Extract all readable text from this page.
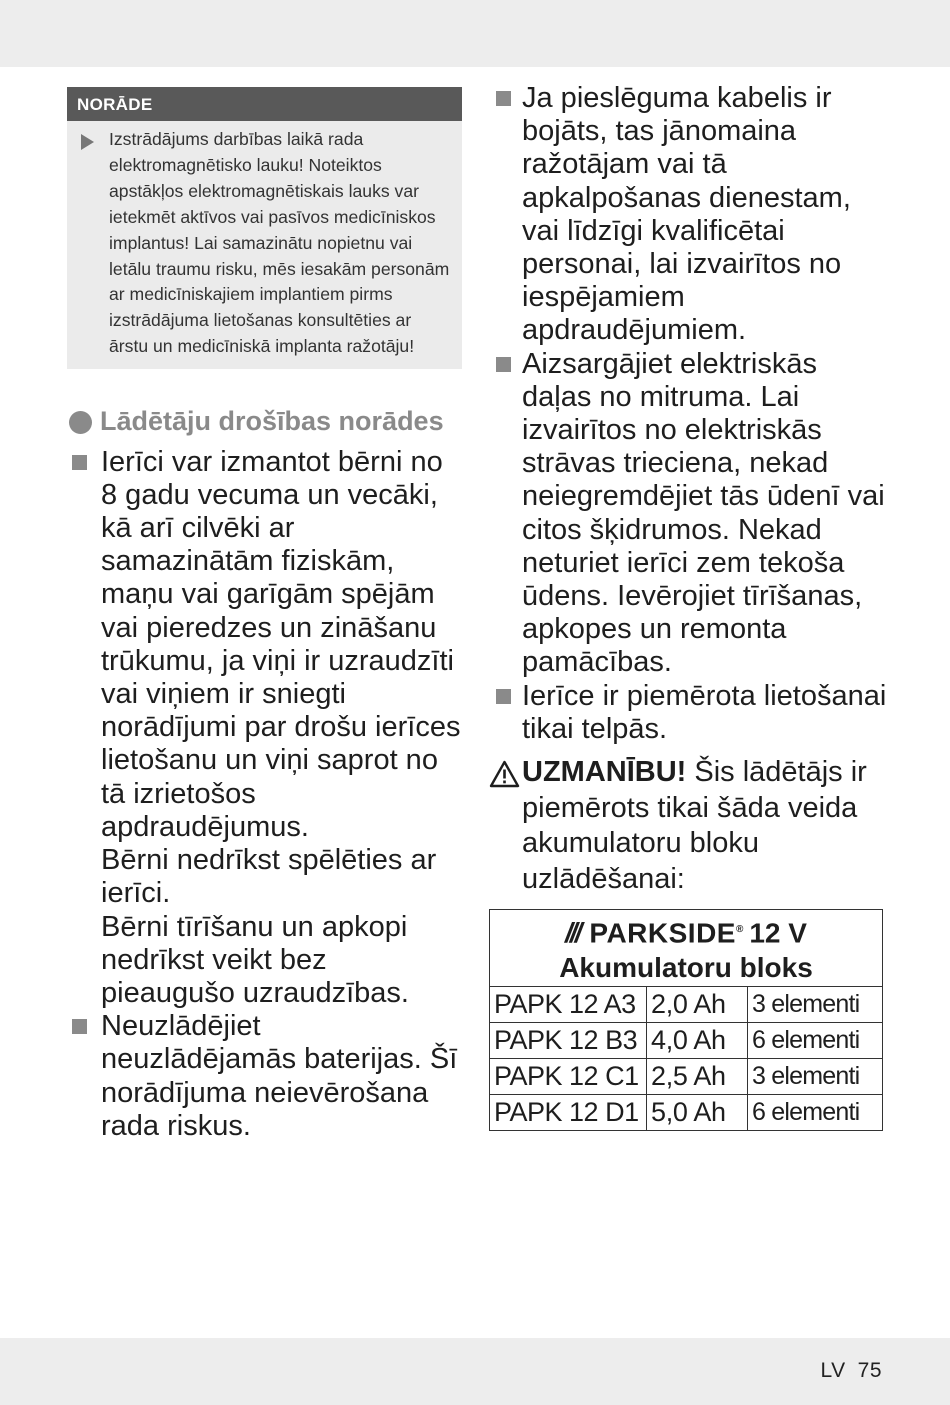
NORĀDE
Izstrādājums darbības laikā rada elektromagnētisko lauku! Noteiktos apstākļos elektromagnētiskais lauks var ietekmēt aktīvos vai pasīvos medicīniskos implantus! Lai samazinātu nopietnu vai letālu traumu risku, mēs iesakām personām ar medicīniskajiem implantiem pirms izstrādājuma lietošanas konsultēties ar ārstu un medicīniskā implanta ražotāju!
Lādētāju drošības norādes
Ierīci var izmantot bērni no 8 gadu vecuma un vecāki, kā arī cilvēki ar samazinātām fiziskām, maņu vai garīgām spējām vai pieredzes un zināšanu trūkumu, ja viņi ir uzraudzīti vai viņiem ir sniegti norādījumi par drošu ierīces lietošanu un viņi saprot no tā izrietošos apdraudējumus.
Bērni nedrīkst spēlēties ar ierīci.
Bērni tīrīšanu un apkopi nedrīkst veikt bez pieaugušo uzraudzības.
Neuzlādējiet neuzlādējamās baterijas. Šī norādījuma neievērošana rada riskus.
Ja pieslēguma kabelis ir bojāts, tas jānomaina ražotājam vai tā apkalpošanas dienestam, vai līdzīgi kvalificētai personai, lai izvairītos no iespējamiem apdraudējumiem.
Aizsargājiet elektriskās daļas no mitruma. Lai izvairītos no elektriskās strāvas trieciena, nekad neiegremdējiet tās ūdenī vai citos šķidrumos. Nekad neturiet ierīci zem tekoša ūdens. Ievērojiet tīrīšanas, apkopes un remonta pamācības.
Ierīce ir piemērota lietošanai tikai telpās.
UZMANĪBU! Šis lādētājs ir piemērots tikai šāda veida akumulatoru bloku uzlādēšanai:
/// PARKSIDE® 12 V
Akumulatoru bloks		

PAPK 12 A3	2,0 Ah	3 elementi
PAPK 12 B3	4,0 Ah	6 elementi
PAPK 12 C1	2,5 Ah	3 elementi
PAPK 12 D1	5,0 Ah	6 elementi
LV 75
